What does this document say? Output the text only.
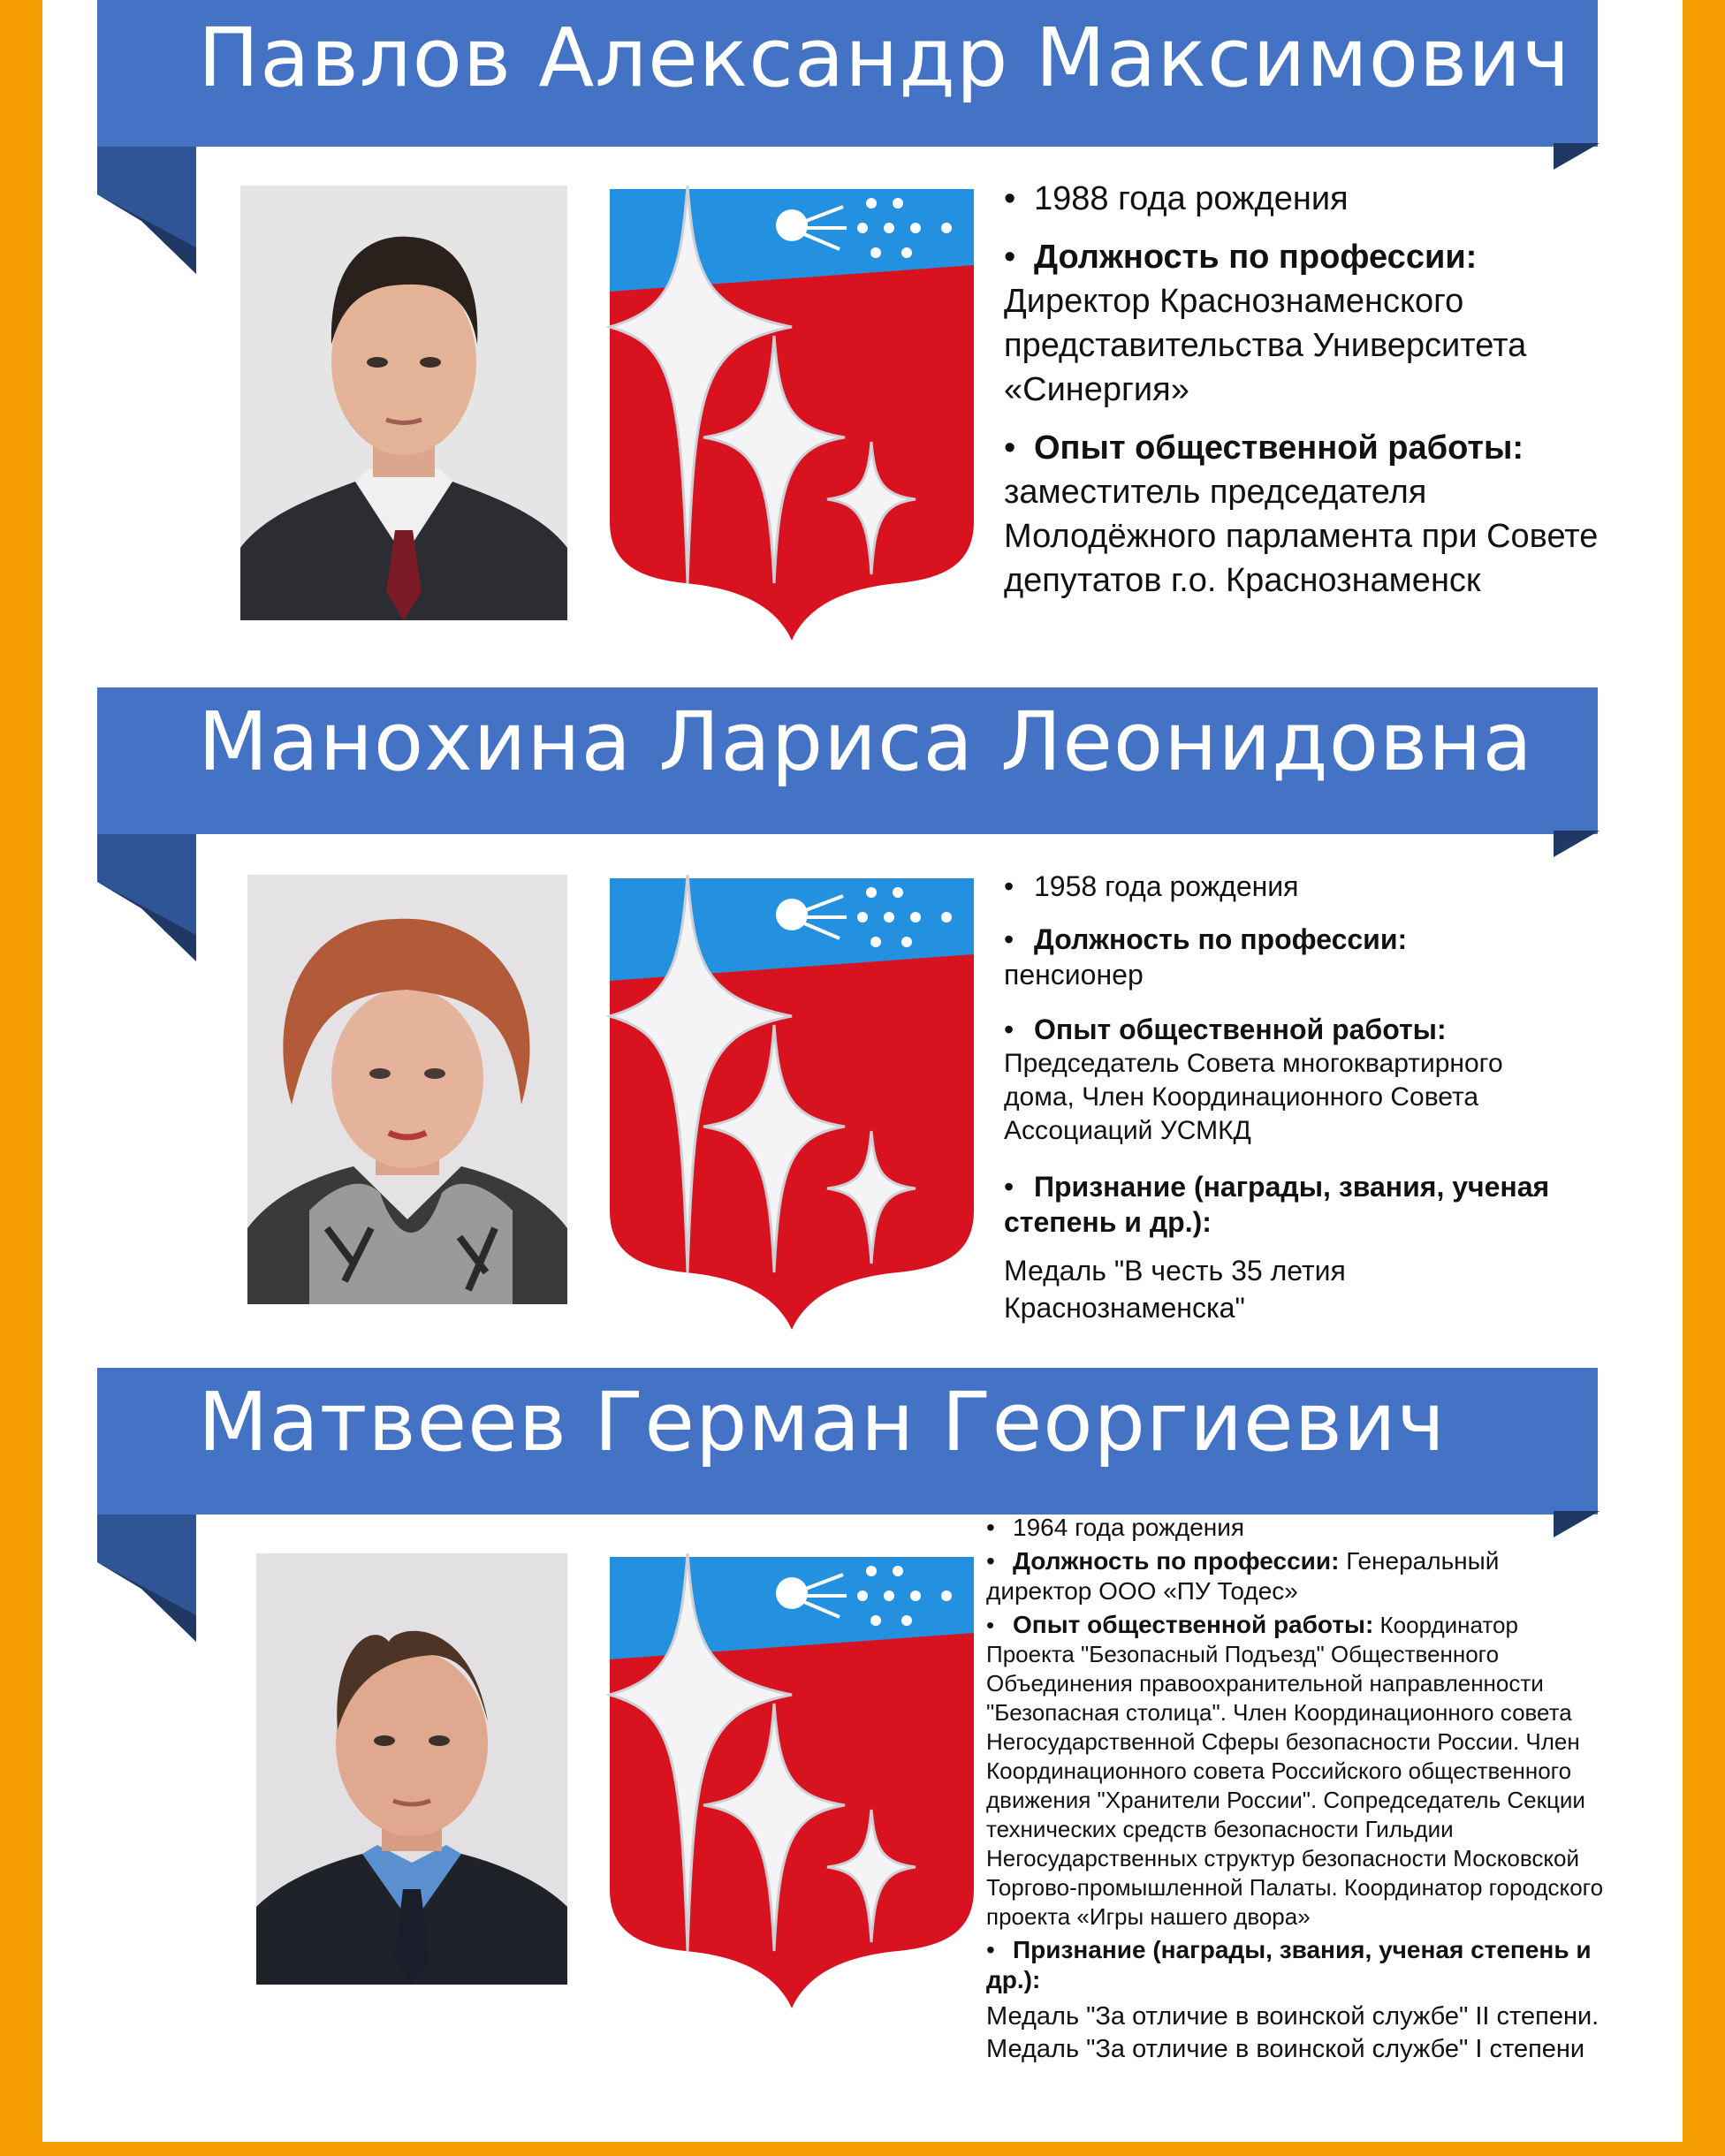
Павлов Александр Максимович

• 1988 года рождения

• Должность по профессии:

Директор Краснознаменского представительства Университета «Синергия»

• Опыт общественной работы:

заместитель председателя Молодёжного парламента при Совете депутатов г.о. Краснознаменск

Манохина Лариса Леонидовна

• 1958 года рождения

• Должность по профессии:

пенсионер

• Опыт общественной работы:

Председатель Совета многоквартирного дома, Член Координационного Совета Ассоциаций УСМКД

• Признание (награды, звания, ученая степень и др.):

Медаль "В честь 35 летия Краснознаменска"

Матвеев Герман Георгиевич

• 1964 года рождения

• Должность по профессии: Генеральный директор ООО «ПУ Тодес»

• Опыт общественной работы: Координатор Проекта "Безопасный Подъезд" Общественного Объединения правоохранительной направленности "Безопасная столица". Член Координационного совета Негосударственной Сферы безопасности России. Член Координационного совета Российского общественного движения "Хранители России". Сопредседатель Секции технических средств безопасности Гильдии Негосударственных структур безопасности Московской Торгово-промышленной Палаты. Координатор городского проекта «Игры нашего двора»

• Признание (награды, звания, ученая степень и др.):

Медаль "За отличие в воинской службе" II степени. Медаль "За отличие в воинской службе" I степени
